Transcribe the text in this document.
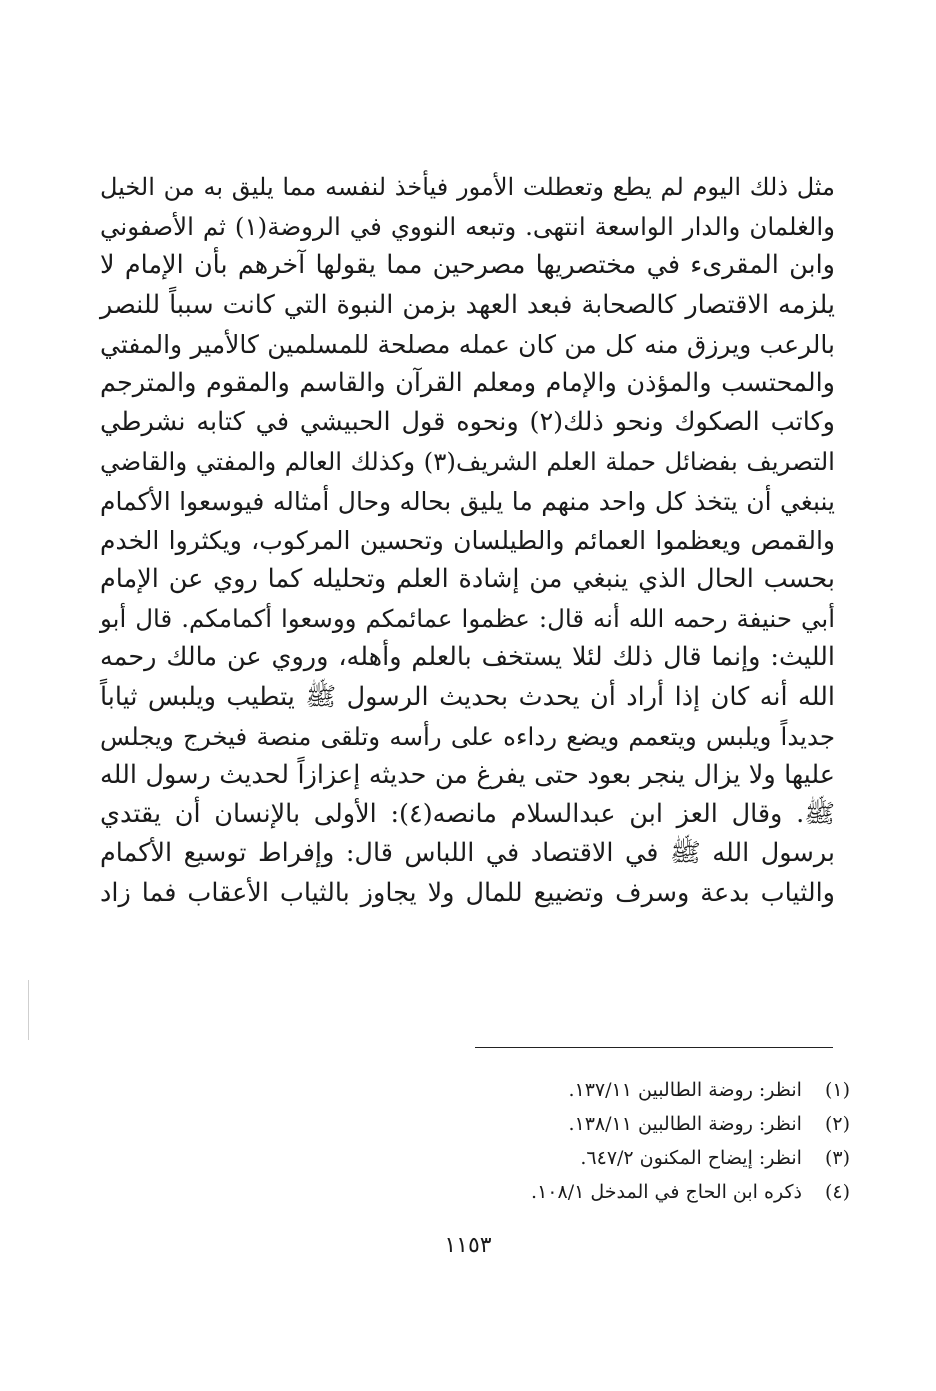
مثل ذلك اليوم لم يطع وتعطلت الأمور فيأخذ لنفسه مما يليق به من الخيل
والغلمان والدار الواسعة انتهى. وتبعه النووي في الروضة(١) ثم الأصفوني
وابن المقرىء في مختصريها مصرحين مما يقولها آخرهم بأن الإمام لا
يلزمه الاقتصار كالصحابة فبعد العهد بزمن النبوة التي كانت سبباً للنصر
بالرعب ويرزق منه كل من كان عمله مصلحة للمسلمين كالأمير والمفتي
والمحتسب والمؤذن والإمام ومعلم القرآن والقاسم والمقوم والمترجم
وكاتب الصكوك ونحو ذلك(٢) ونحوه قول الحبيشي في كتابه نشرطي
التصريف بفضائل حملة العلم الشريف(٣) وكذلك العالم والمفتي والقاضي
ينبغي أن يتخذ كل واحد منهم ما يليق بحاله وحال أمثاله فيوسعوا الأكمام
والقمص ويعظموا العمائم والطيلسان وتحسين المركوب، ويكثروا الخدم
بحسب الحال الذي ينبغي من إشادة العلم وتحليله كما روي عن الإمام
أبي حنيفة رحمه الله أنه قال: عظموا عمائمكم ووسعوا أكمامكم. قال أبو
الليث: وإنما قال ذلك لئلا يستخف بالعلم وأهله، وروي عن مالك رحمه
الله أنه كان إذا أراد أن يحدث بحديث الرسول ﷺ يتطيب ويلبس ثياباً
جديداً ويلبس ويتعمم ويضع رداءه على رأسه وتلقى منصة فيخرج ويجلس
عليها ولا يزال ينجر بعود حتى يفرغ من حديثه إعزازاً لحديث رسول الله
ﷺ. وقال العز ابن عبدالسلام مانصه(٤): الأولى بالإنسان أن يقتدي
برسول الله ﷺ في الاقتصاد في اللباس قال: وإفراط توسيع الأكمام
والثياب بدعة وسرف وتضييع للمال ولا يجاوز بالثياب الأعقاب فما زاد
(١) انظر: روضة الطالبين ١٣٧/١١.
(٢) انظر: روضة الطالبين ١٣٨/١١.
(٣) انظر: إيضاح المكنون ٦٤٧/٢.
(٤) ذكره ابن الحاج في المدخل ١٠٨/١.
١١٥٣
